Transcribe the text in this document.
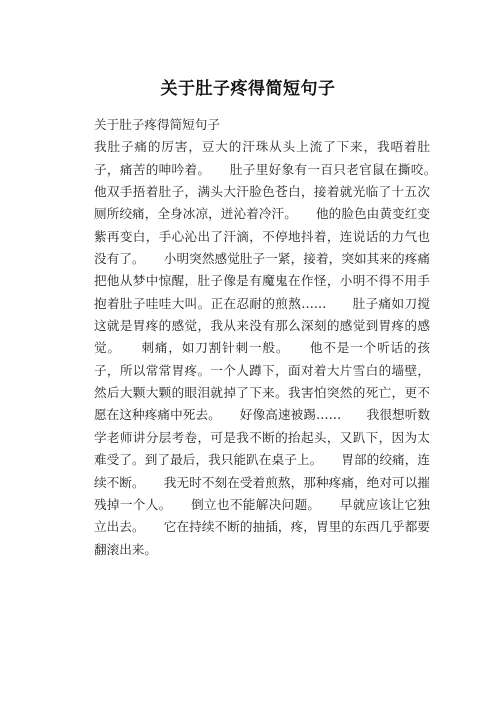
关于肚子疼得简短句子
关于肚子疼得简短句子
我肚子痛的厉害，豆大的汗珠从头上流了下来，我唔着肚子，痛苦的呻吟着。　　肚子里好象有一百只老官鼠在撕咬。　　他双手捂着肚子，满头大汗脸色苍白，接着就光临了十五次厕所绞痛，全身冰凉，迸沁着冷汗。　　他的脸色由黄变红变紫再变白，手心沁出了汗滴，不停地抖着，连说话的力气也没有了。　　小明突然感觉肚子一紧，接着，突如其来的疼痛把他从梦中惊醒，肚子像是有魔鬼在作怪，小明不得不用手抱着肚子哇哇大叫。正在忍耐的煎熬……　　肚子痛如刀搅　　这就是胃疼的感觉，我从来没有那么深刻的感觉到胃疼的感觉。　　刺痛，如刀割针刺一般。　　他不是一个听话的孩子，所以常常胃疼。一个人蹲下，面对着大片雪白的墙壁，然后大颗大颗的眼泪就掉了下来。我害怕突然的死亡，更不愿在这种疼痛中死去。　　好像高速被踢……　　我很想听数学老师讲分层考卷，可是我不断的抬起头，又趴下，因为太难受了。到了最后，我只能趴在桌子上。　　胃部的绞痛，连续不断。　　我无时不刻在受着煎熬，那种疼痛，绝对可以摧残掉一个人。　　倒立也不能解决问题。　　早就应该让它独立出去。　　它在持续不断的抽插，疼，胃里的东西几乎都要翻滚出来。
